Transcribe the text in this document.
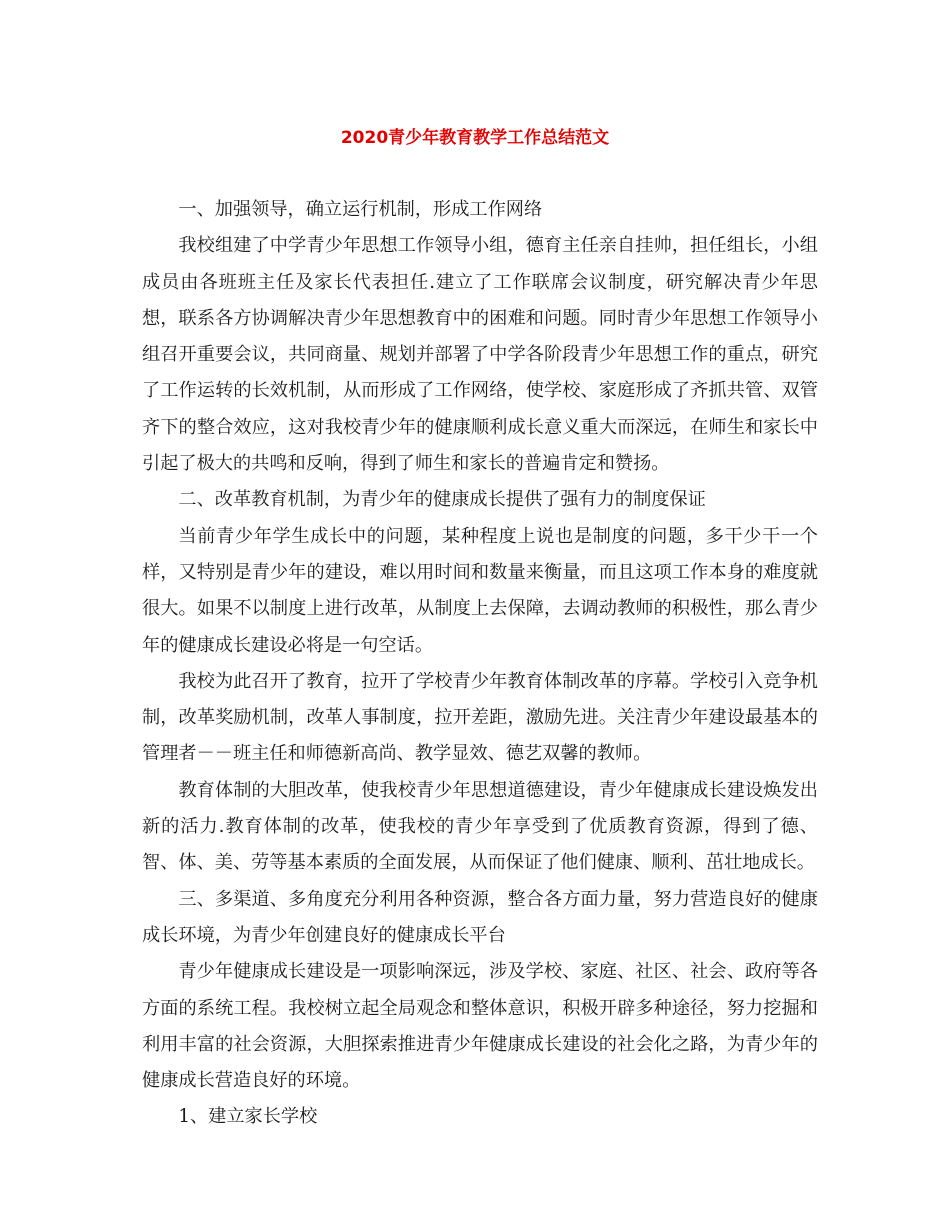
2020青少年教育教学工作总结范文

一、加强领导，确立运行机制，形成工作网络

我校组建了中学青少年思想工作领导小组，德育主任亲自挂帅，担任组长，小组成员由各班班主任及家长代表担任.建立了工作联席会议制度，研究解决青少年思想，联系各方协调解决青少年思想教育中的困难和问题。同时青少年思想工作领导小组召开重要会议，共同商量、规划并部署了中学各阶段青少年思想工作的重点，研究了工作运转的长效机制，从而形成了工作网络，使学校、家庭形成了齐抓共管、双管齐下的整合效应，这对我校青少年的健康顺利成长意义重大而深远，在师生和家长中引起了极大的共鸣和反响，得到了师生和家长的普遍肯定和赞扬。

二、改革教育机制，为青少年的健康成长提供了强有力的制度保证

当前青少年学生成长中的问题，某种程度上说也是制度的问题，多干少干一个样，又特别是青少年的建设，难以用时间和数量来衡量，而且这项工作本身的难度就很大。如果不以制度上进行改革，从制度上去保障，去调动教师的积极性，那么青少年的健康成长建设必将是一句空话。

我校为此召开了教育，拉开了学校青少年教育体制改革的序幕。学校引入竞争机制，改革奖励机制，改革人事制度，拉开差距，激励先进。关注青少年建设最基本的管理者－－班主任和师德新高尚、教学显效、德艺双馨的教师。

教育体制的大胆改革，使我校青少年思想道德建设，青少年健康成长建设焕发出新的活力.教育体制的改革，使我校的青少年享受到了优质教育资源，得到了德、智、体、美、劳等基本素质的全面发展，从而保证了他们健康、顺利、茁壮地成长。

三、多渠道、多角度充分利用各种资源，整合各方面力量，努力营造良好的健康成长环境，为青少年创建良好的健康成长平台

青少年健康成长建设是一项影响深远，涉及学校、家庭、社区、社会、政府等各方面的系统工程。我校树立起全局观念和整体意识，积极开辟多种途径，努力挖掘和利用丰富的社会资源，大胆探索推进青少年健康成长建设的社会化之路，为青少年的健康成长营造良好的环境。

1、建立家长学校
